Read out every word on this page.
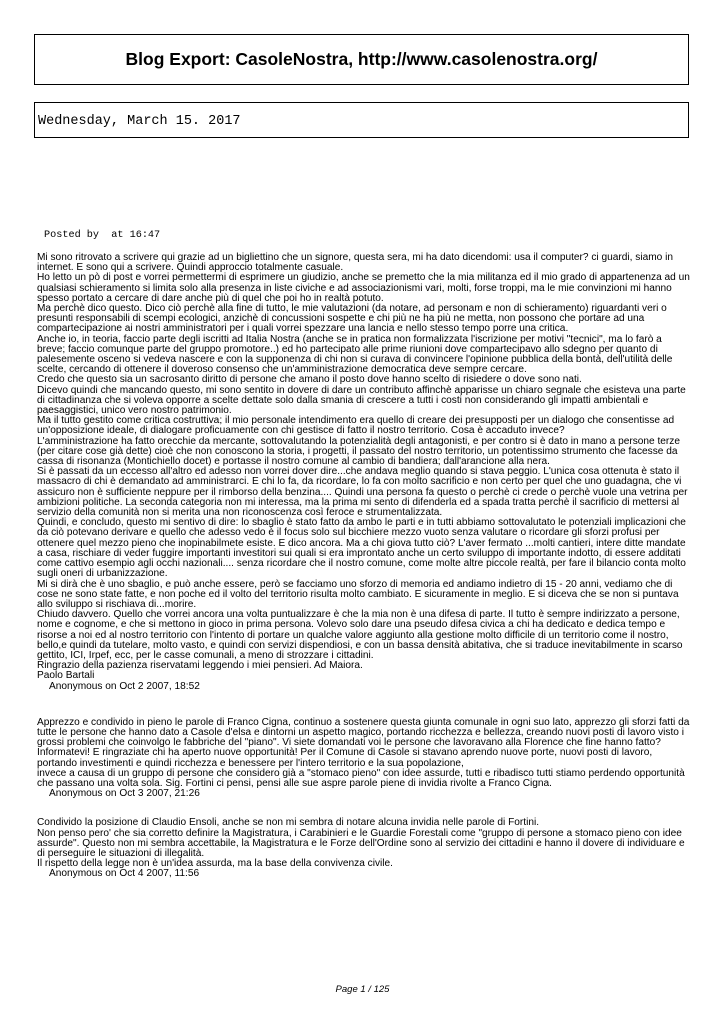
Blog Export: CasoleNostra, http://www.casolenostra.org/
Wednesday, March 15. 2017
Posted by  at 16:47

Mi sono ritrovato a scrivere qui grazie ad un bigliettino che un signore, questa sera, mi ha dato dicendomi: usa il computer? ci guardi, siamo in internet. E sono qui a scrivere. Quindi approccio totalmente casuale.

Ho letto un pò di post e vorrei permettermi di esprimere un giudizio, anche se premetto che la mia militanza ed il mio grado di appartenenza ad un qualsiasi schieramento si limita solo alla presenza in liste civiche e ad associazionismi vari, molti, forse troppi, ma le mie convinzioni mi hanno spesso portato a cercare di dare anche più di quel che poi ho in realtà potuto.

Ma perchè dico questo. Dico ciò perchè alla fine di tutto, le mie valutazioni (da notare, ad personam e non di schieramento) riguardanti veri o presunti responsabili di scempi ecologici, anzichè di concussioni sospette e chi più ne ha più ne metta, non possono che portare ad una compartecipazione ai nostri amministratori per i quali vorrei spezzare una lancia e nello stesso tempo porre una critica.

Anche io, in teoria, faccio parte degli iscritti ad Italia Nostra (anche se in pratica non formalizzata l'iscrizione per motivi "tecnici", ma lo farò a breve; faccio comunque parte del gruppo promotore..) ed ho partecipato alle prime riunioni dove compartecipavo allo sdegno per quanto di palesemente osceno si vedeva nascere e con la supponenza di chi non si curava di convincere l'opinione pubblica della bontà, dell'utilità delle scelte, cercando di ottenere il doveroso consenso che un'amministrazione democratica deve sempre cercare.

Credo che questo sia un sacrosanto diritto di persone che amano il posto dove hanno scelto di risiedere o dove sono nati.

Dicevo quindi che mancando questo, mi sono sentito in dovere di dare un contributo affinchè apparisse un chiaro segnale che esisteva una parte di cittadinanza che si voleva opporre a scelte dettate solo dalla smania di crescere a tutti i costi non considerando gli impatti ambientali e paesaggistici, unico vero nostro patrimonio.

Ma il tutto gestito come critica costruttiva; il mio personale intendimento era quello di creare dei presupposti per un dialogo che consentisse ad un'opposizione ideale, di dialogare proficuamente con chi gestisce di fatto il nostro territorio. Cosa è accaduto invece?

L'amministrazione ha fatto orecchie da mercante, sottovalutando la potenzialità degli antagonisti, e per contro si è dato in mano a persone terze (per citare cose già dette) cioè che non conoscono la storia, i progetti, il passato del nostro territorio, un potentissimo strumento che facesse da cassa di risonanza (Montichiello docet) e portasse il nostro comune al cambio di bandiera; dall'arancione alla nera.

Si è passati da un eccesso all'altro ed adesso non vorrei dover dire...che andava meglio quando si stava peggio. L'unica cosa ottenuta è stato il massacro di chi è demandato ad amministrarci. E chi lo fa, da ricordare, lo fa con molto sacrificio e non certo per quel che uno guadagna, che vi assicuro non è sufficiente neppure per il rimborso della benzina.... Quindi una persona fa questo o perchè ci crede o perchè vuole una vetrina per ambizioni politiche. La seconda categoria non mi interessa, ma la prima mi sento di difenderla ed a spada tratta perchè il sacrificio di mettersi al servizio della comunità non si merita una non riconoscenza così feroce e strumentalizzata.

Quindi, e concludo, questo mi sentivo di dire: lo sbaglio è stato fatto da ambo le parti e in tutti abbiamo sottovalutato le potenziali implicazioni che da ciò potevano derivare e quello che adesso vedo è il focus solo sul bicchiere mezzo vuoto senza valutare o ricordare gli sforzi profusi per ottenere quel mezzo pieno che inopinabilmete esiste. E dico ancora. Ma a chi giova tutto ciò? L'aver fermato ...molti cantieri, intere ditte mandate a casa, rischiare di veder fuggire importanti investitori sui quali si era improntato anche un certo sviluppo di importante indotto, di essere additati come cattivo esempio agli occhi nazionali.... senza ricordare che il nostro comune, come molte altre piccole realtà, per fare il bilancio conta molto sugli oneri di urbanizzazione.

Mi si dirà che è uno sbaglio, e può anche essere, però se facciamo uno sforzo di memoria ed andiamo indietro di 15 - 20 anni, vediamo che di cose ne sono state fatte, e non poche ed il volto del territorio risulta molto cambiato. E sicuramente in meglio. E si diceva che se non si puntava allo sviluppo si rischiava di...morire.

Chiudo davvero. Quello che vorrei ancora una volta puntualizzare è che la mia non è una difesa di parte. Il tutto è sempre indirizzato a persone, nome e cognome, e che si mettono in gioco in prima persona. Volevo solo dare una pseudo difesa civica a chi ha dedicato e dedica tempo e risorse a noi ed al nostro territorio con l'intento di portare un qualche valore aggiunto alla gestione molto difficile di un territorio come il nostro, bello,e quindi da tutelare, molto vasto, e quindi con servizi dispendiosi, e con un bassa densità abitativa, che si traduce inevitabilmente in scarso gettito, ICI, Irpef, ecc, per le casse comunali, a meno di strozzare i cittadini.

Ringrazio della pazienza riservatami leggendo i miei pensieri. Ad Maiora.

Paolo Bartali

Anonymous on Oct 2 2007, 18:52

Apprezzo e condivido in pieno le parole di Franco Cigna, continuo a sostenere questa giunta comunale in ogni suo lato, apprezzo gli sforzi fatti da tutte le persone che hanno dato a Casole d'elsa e dintorni un aspetto magico, portando ricchezza e bellezza, creando nuovi posti di lavoro visto i grossi problemi che coinvolgo le fabbriche del "piano". Vi siete domandati voi le persone che lavoravano alla Florence che fine hanno fatto? Informatevi! E ringraziate chi ha aperto nuove opportunità! Per il Comune di Casole si stavano aprendo nuove porte, nuovi posti di lavoro, portando investimenti e quindi ricchezza e benessere per l'intero territorio e la sua popolazione,

invece a causa di un gruppo di persone che considero già a "stomaco pieno" con idee assurde, tutti e ribadisco tutti stiamo perdendo opportunità che passano una volta sola. Sig. Fortini ci pensi, pensi alle sue aspre parole piene di invidia rivolte a Franco Cigna.

Anonymous on Oct 3 2007, 21:26

Condivido la posizione di Claudio Ensoli, anche se non mi sembra di notare alcuna invidia nelle parole di Fortini.

Non penso pero' che sia corretto definire la Magistratura, i Carabinieri e le Guardie Forestali come "gruppo di persone a stomaco pieno con idee assurde". Questo non mi sembra accettabile, la Magistratura e le Forze dell'Ordine sono al servizio dei cittadini e hanno il dovere di individuare e di perseguire le situazioni di illegalità.

Il rispetto della legge non è un'idea assurda, ma la base della convivenza civile.

Anonymous on Oct 4 2007, 11:56

Page 1 / 125
